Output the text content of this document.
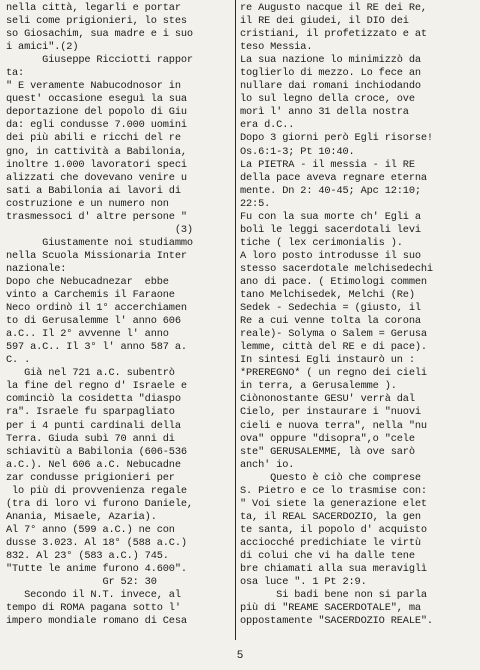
nella città, legarli e portar
seli come prigionieri, lo stes
so Giosachim, sua madre e i suo
i amici".(2)
Giuseppe Ricciotti rappor
ta:
" E veramente Nabucodnosor in
quest' occasione eseguì la sua
deportazione del popolo di Giu
da: egli condusse 7.000 uomini
dei più abili e ricchi del re
gno, in cattività a Babilonia,
inoltre 1.000 lavoratori speci
alizzati che dovevano venire u
sati a Babilonia ai lavori di
costruzione e un numero non
trasmessoci d' altre persone "
(3)
Giustamente noi studiammo
nella Scuola Missionaria Inter
nazionale:
Dopo che Nebucadnezar  ebbe
vinto a Carchemis il Faraone
Neco ordinò il 1° accerchiamen
to di Gerusalemme l' anno 606
a.C.. Il 2° avvenne l' anno
597 a.C.. Il 3° l' anno 587 a.
C. .
Già nel 721 a.C. subentrò
la fine del regno d' Israele e
cominciò la cosidetta "diaspo
ra". Israele fu sparpagliato
per i 4 punti cardinali della
Terra. Giuda subì 70 anni di
schiavitù a Babilonia (606-536
a.C.). Nel 606 a.C. Nebucadne
zar condusse prigionieri per
lo più di provvenienza regale
(tra di loro vi furono Daniele,
Anania, Misaele, Azaria).
Al 7° anno (599 a.C.) ne con
dusse 3.023. Al 18° (588 a.C.)
832. Al 23° (583 a.C.) 745.
"Tutte le anime furono 4.600".
Gr 52: 30
Secondo il N.T. invece, al
tempo di ROMA pagana sotto l'
impero mondiale romano di Cesa
re Augusto nacque il RE dei Re,
il RE dei giudei, il DIO dei
cristiani, il profetizzato e at
teso Messia.
La sua nazione lo minimizzò da
toglierlo di mezzo. Lo fece an
nullare dai romani inchiodando
lo sul legno della croce, ove
morì l' anno 31 della nostra
era d.C..
Dopo 3 giorni però Egli risorse!
Os.6:1-3; Pt 10:40.
La PIETRA - il messia - il RE
della pace aveva regnare eterna
mente. Dn 2: 40-45; Apc 12:10;
22:5.
Fu con la sua morte ch' Egli a
bolì le leggi sacerdotali levi
tiche ( lex cerimonialis ).
A loro posto introdusse il suo
stesso sacerdotale melchisedechi
ano di pace. ( Etimologi commen
tano Melchisedek, Melchi (Re)
Sedek - Sedechia = (giusto, il
Re a cui venne tolta la corona
reale)- Solyma o Salem = Gerusa
lemme, città del RE e di pace).
In sintesi Egli instaurò un :
*PREREGNO* ( un regno dei cieli
in terra, a Gerusalemme ).
Ciònonostante GESU' verrà dal
Cielo, per instaurare i "nuovi
cieli e nuova terra", nella "nu
ova" oppure "disopra",o "cele
ste" GERUSALEMME, là ove sarò
anch' io.
Questo è ciò che comprese
S. Pietro e ce lo trasmise con:
" Voi siete la generazione elet
ta, il REAL SACERDOZIO, la gen
te santa, il popolo d' acquisto
acciocché predichiate le virtù
di colui che vi ha dalle tene
bre chiamati alla sua meraviglì
osa luce ". 1 Pt 2:9.
Si badi bene non si parla
più di "REAME SACERDOTALE", ma
oppostamente "SACERDOZIO REALE".
5
